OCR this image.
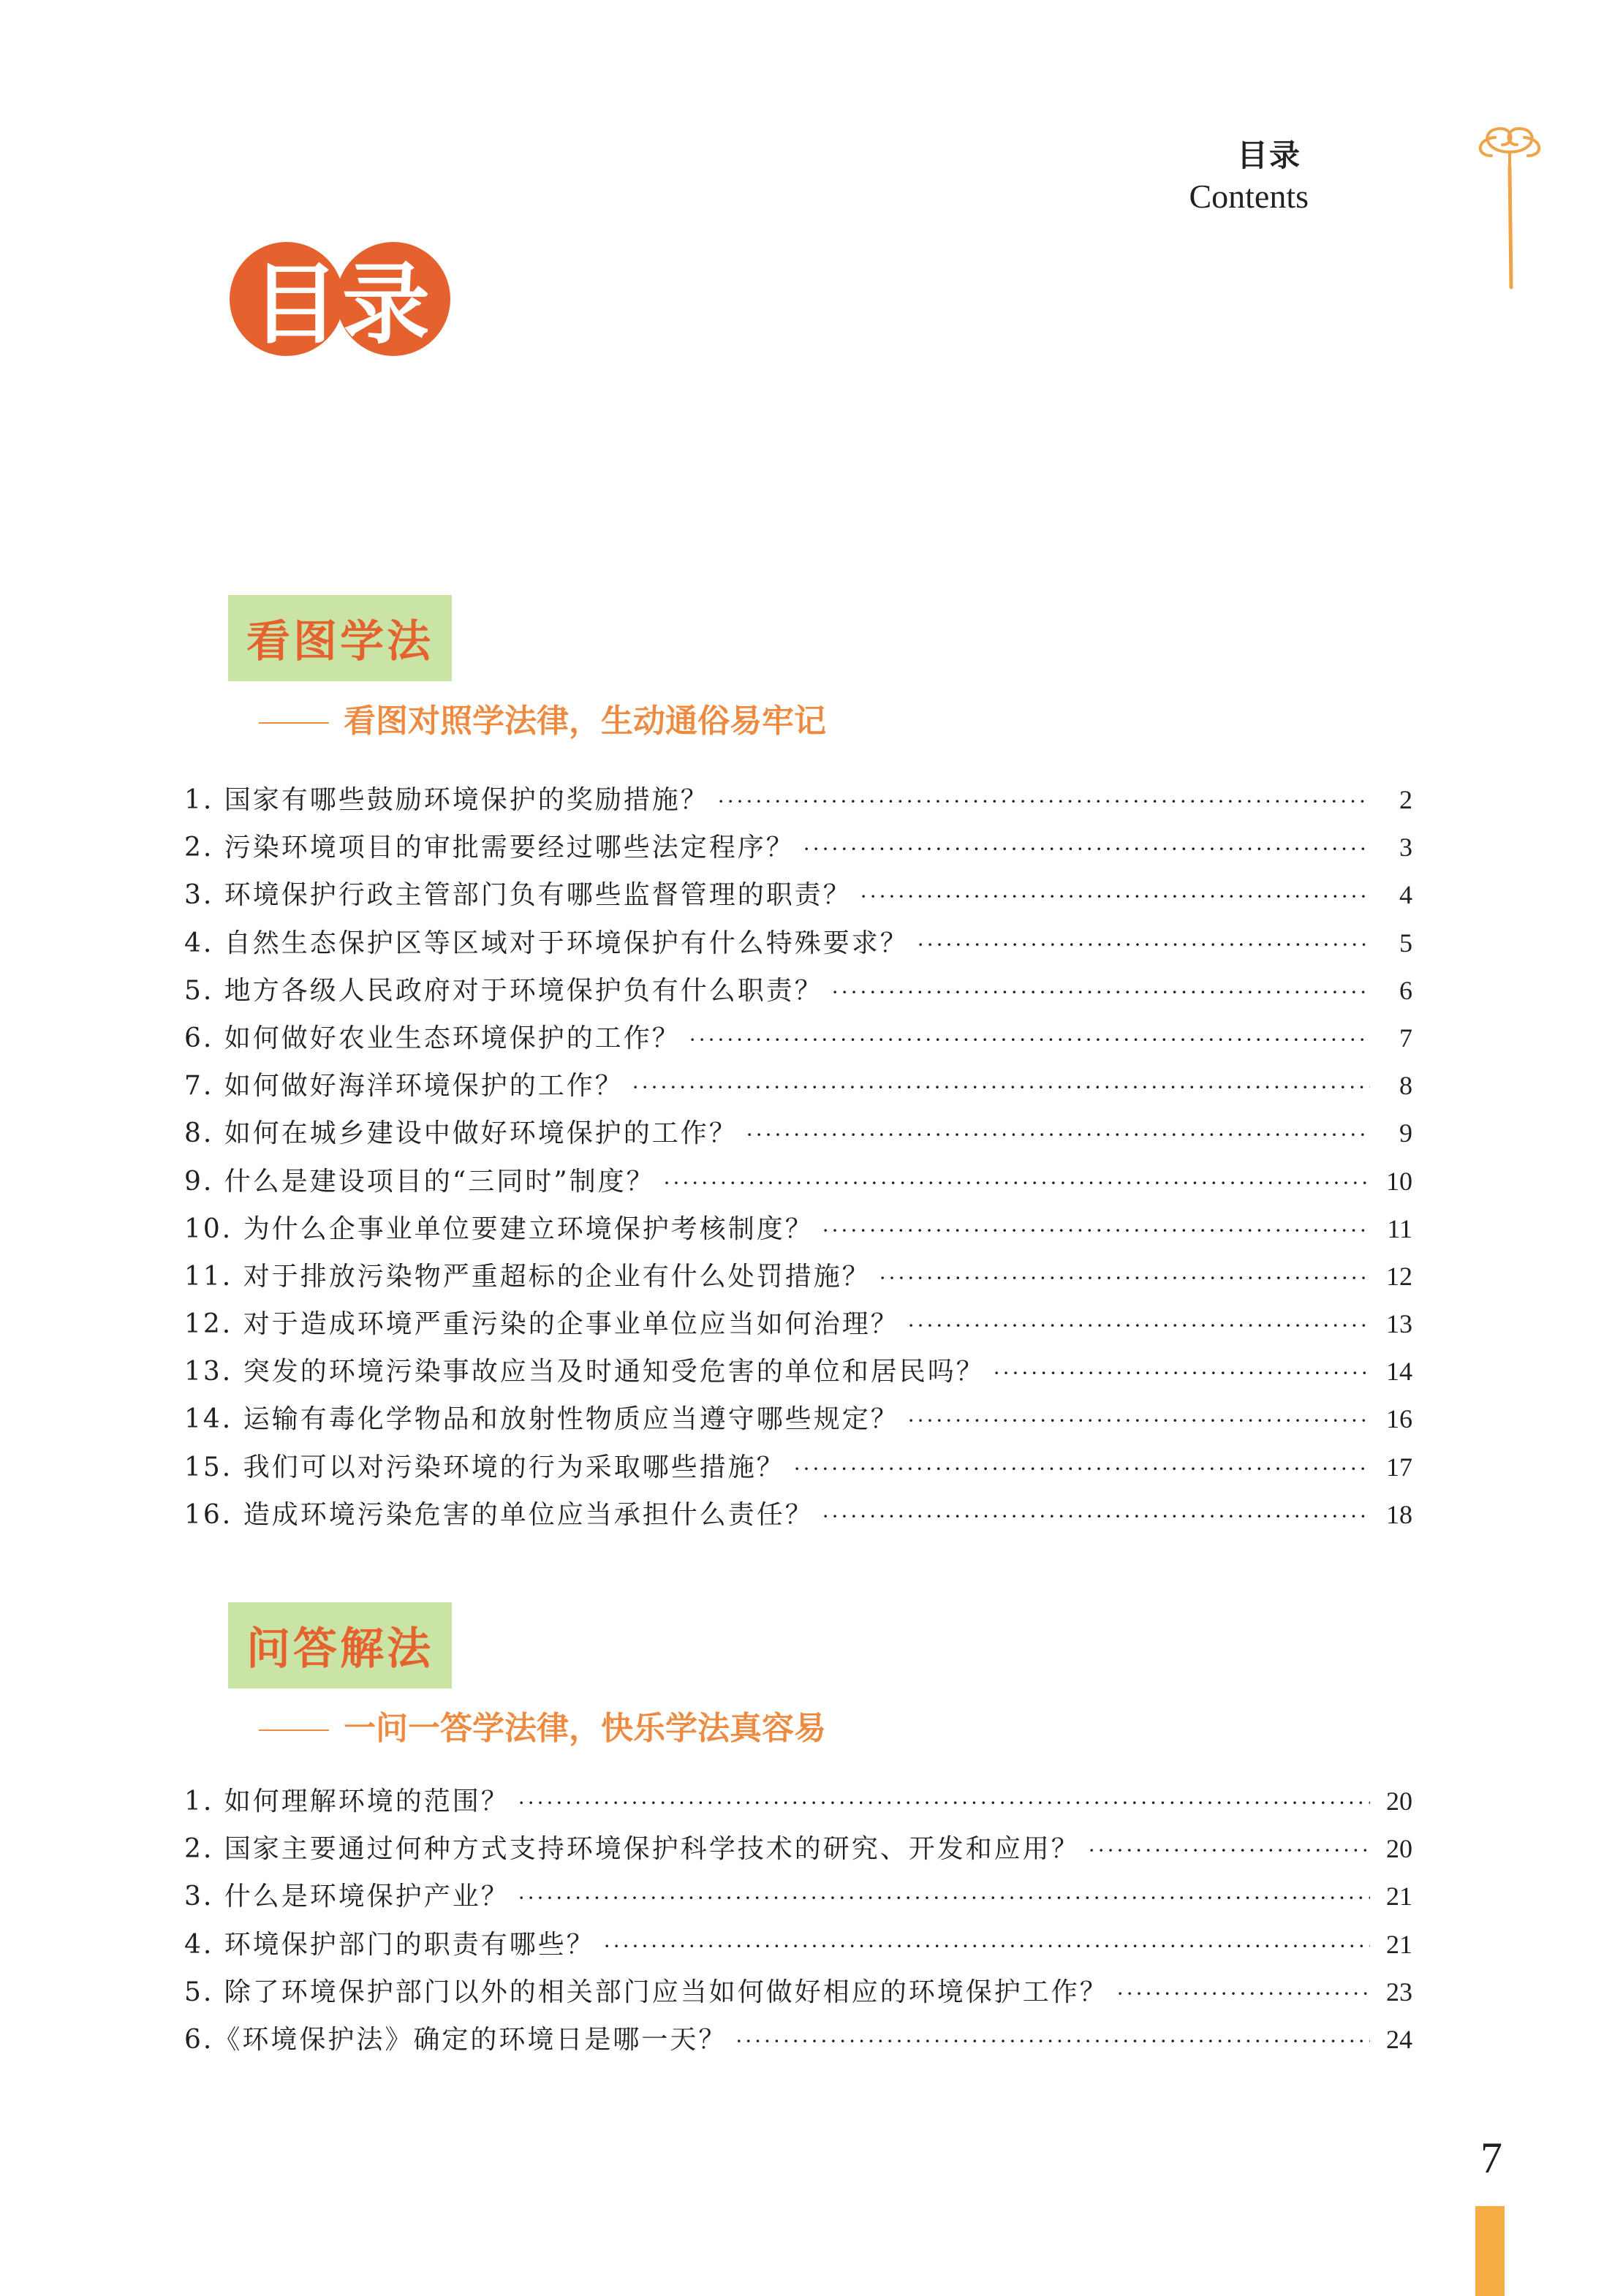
目录
Contents
目录
看图学法
看图对照学法律，生动通俗易牢记
1. 国家有哪些鼓励环境保护的奖励措施？ ·····	2
2. 污染环境项目的审批需要经过哪些法定程序？ ·····	3
3. 环境保护行政主管部门负有哪些监督管理的职责？ ·····	4
4. 自然生态保护区等区域对于环境保护有什么特殊要求？ ·····	5
5. 地方各级人民政府对于环境保护负有什么职责？ ·····	6
6. 如何做好农业生态环境保护的工作？ ·····	7
7. 如何做好海洋环境保护的工作？ ·····	8
8. 如何在城乡建设中做好环境保护的工作？ ·····	9
9. 什么是建设项目的“三同时”制度？ ·····	10
10. 为什么企事业单位要建立环境保护考核制度？ ·····	11
11. 对于排放污染物严重超标的企业有什么处罚措施？ ·····	12
12. 对于造成环境严重污染的企事业单位应当如何治理？ ·····	13
13. 突发的环境污染事故应当及时通知受危害的单位和居民吗？ ·····	14
14. 运输有毒化学物品和放射性物质应当遵守哪些规定？ ·····	16
15. 我们可以对污染环境的行为采取哪些措施？ ·····	17
16. 造成环境污染危害的单位应当承担什么责任？ ·····	18
问答解法
一问一答学法律，快乐学法真容易
1. 如何理解环境的范围？ ·····	20
2. 国家主要通过何种方式支持环境保护科学技术的研究、开发和应用？ ·····	20
3. 什么是环境保护产业？ ·····	21
4. 环境保护部门的职责有哪些？ ·····	21
5. 除了环境保护部门以外的相关部门应当如何做好相应的环境保护工作？ ·····	23
6.《环境保护法》确定的环境日是哪一天？ ·····	24
7
